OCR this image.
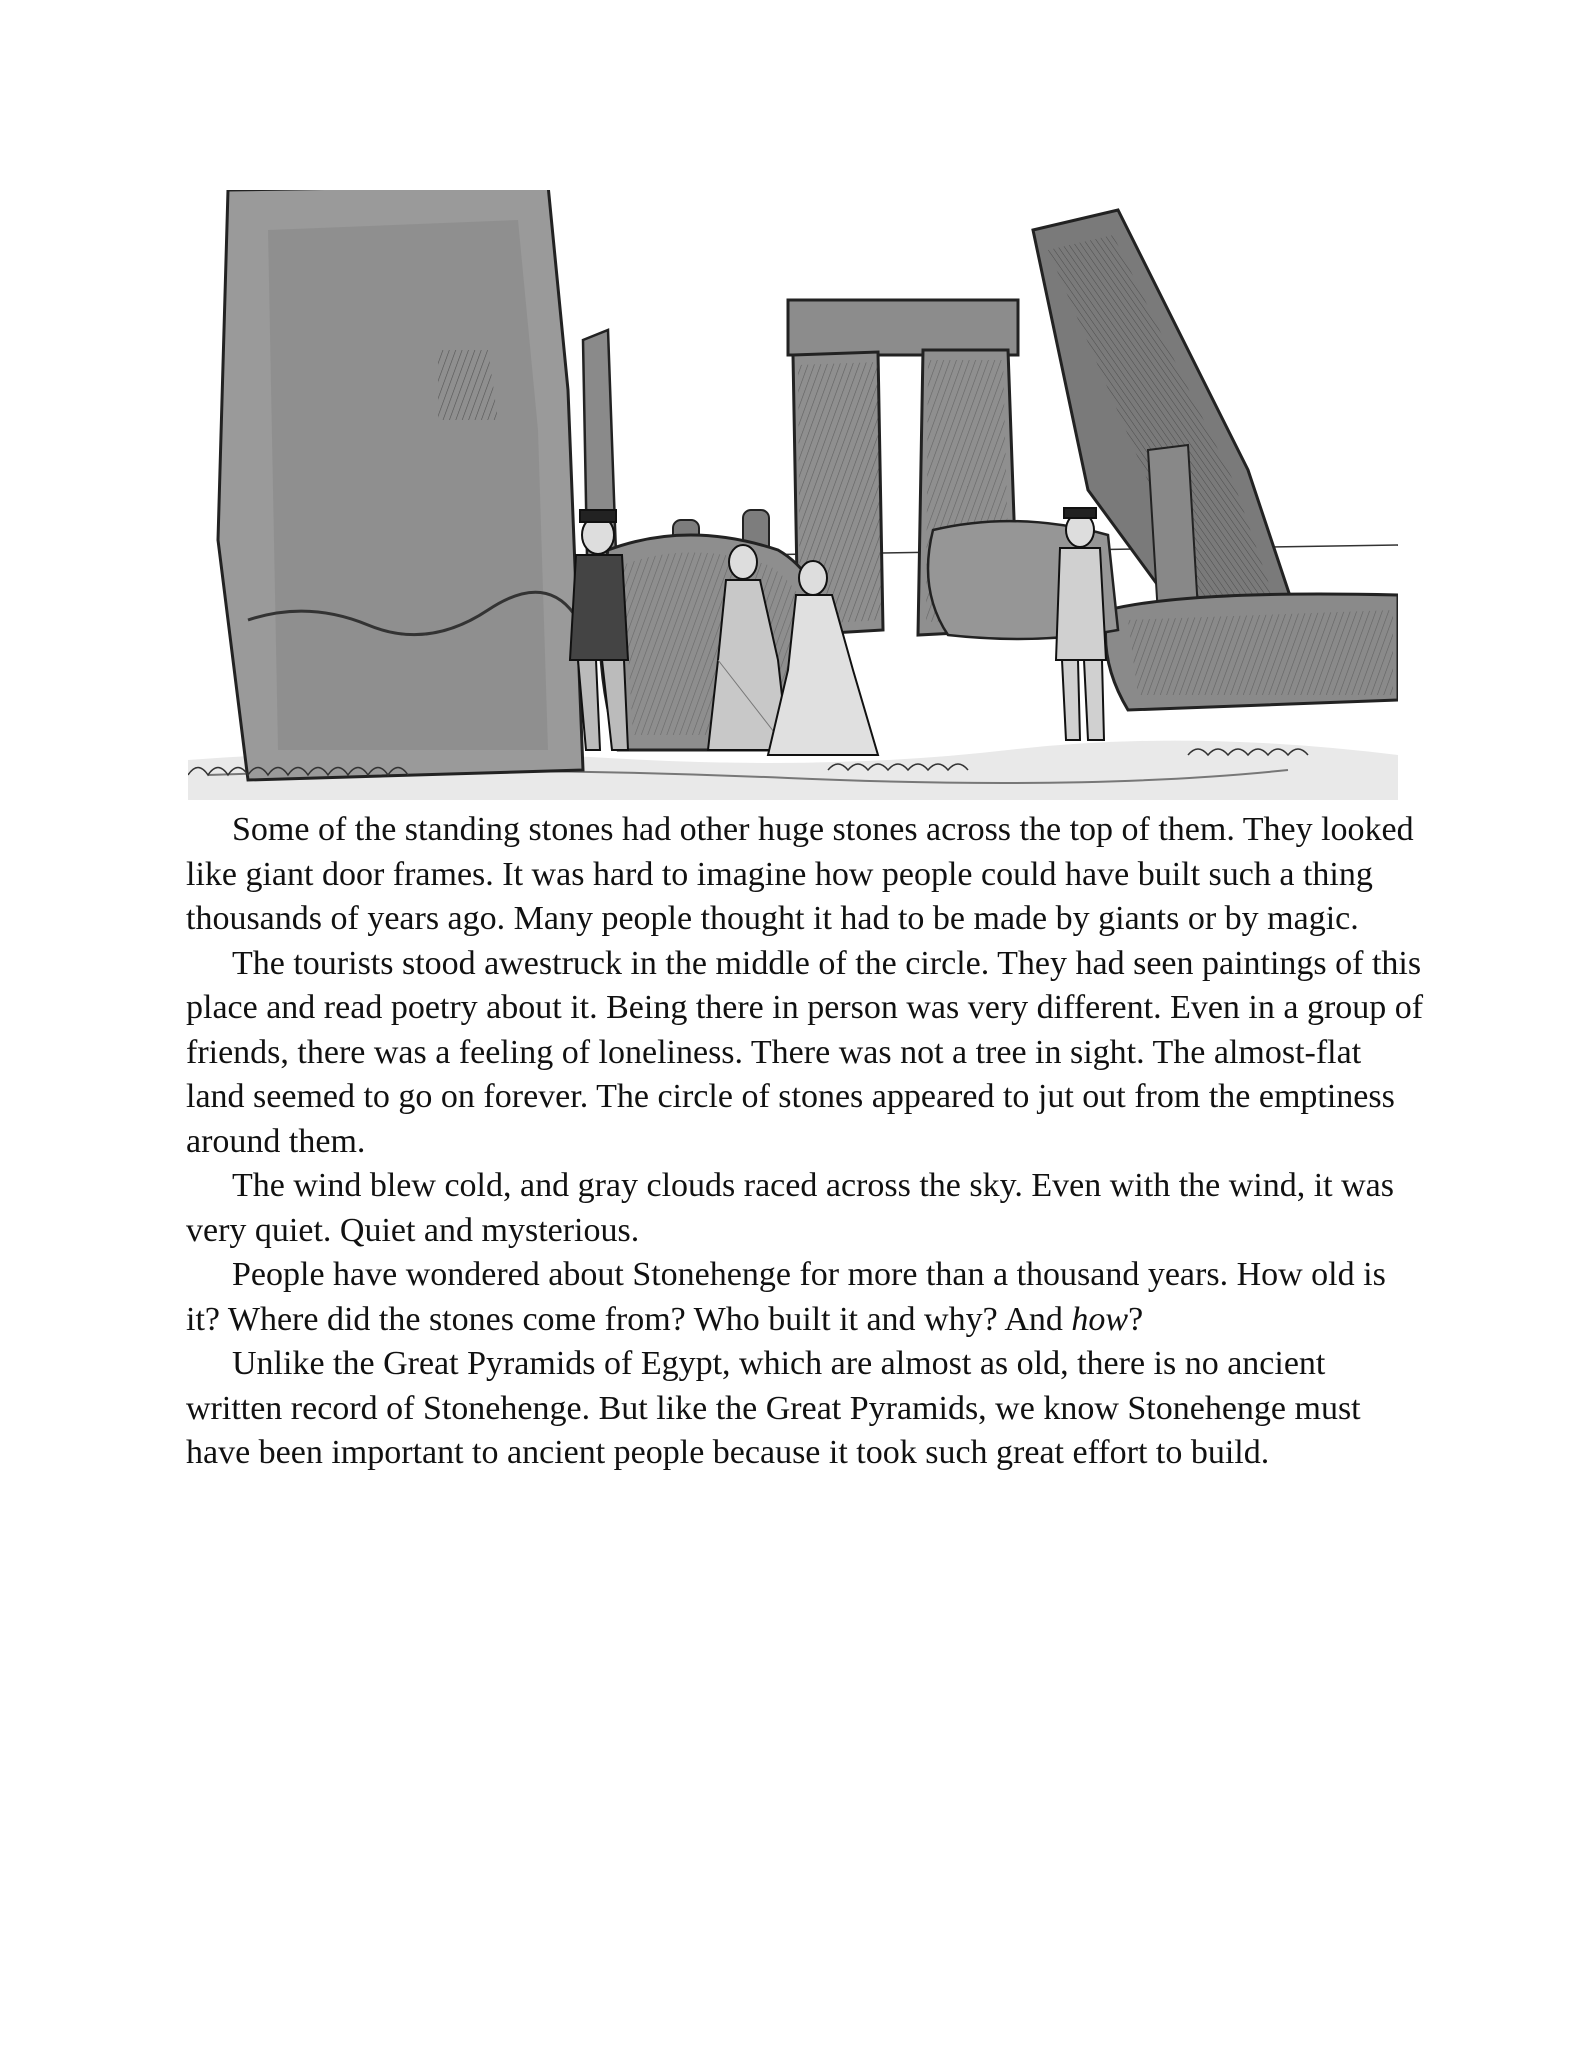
Some of the standing stones had other huge stones across the top of them. They looked like giant door frames. It was hard to imagine how people could have built such a thing thousands of years ago. Many people thought it had to be made by giants or by magic.

The tourists stood awestruck in the middle of the circle. They had seen paintings of this place and read poetry about it. Being there in person was very different. Even in a group of friends, there was a feeling of loneliness. There was not a tree in sight. The almost-flat land seemed to go on forever. The circle of stones appeared to jut out from the emptiness around them.

The wind blew cold, and gray clouds raced across the sky. Even with the wind, it was very quiet. Quiet and mysterious.

People have wondered about Stonehenge for more than a thousand years. How old is it? Where did the stones come from? Who built it and why? And how?

Unlike the Great Pyramids of Egypt, which are almost as old, there is no ancient written record of Stonehenge. But like the Great Pyramids, we know Stonehenge must have been important to ancient people because it took such great effort to build.
